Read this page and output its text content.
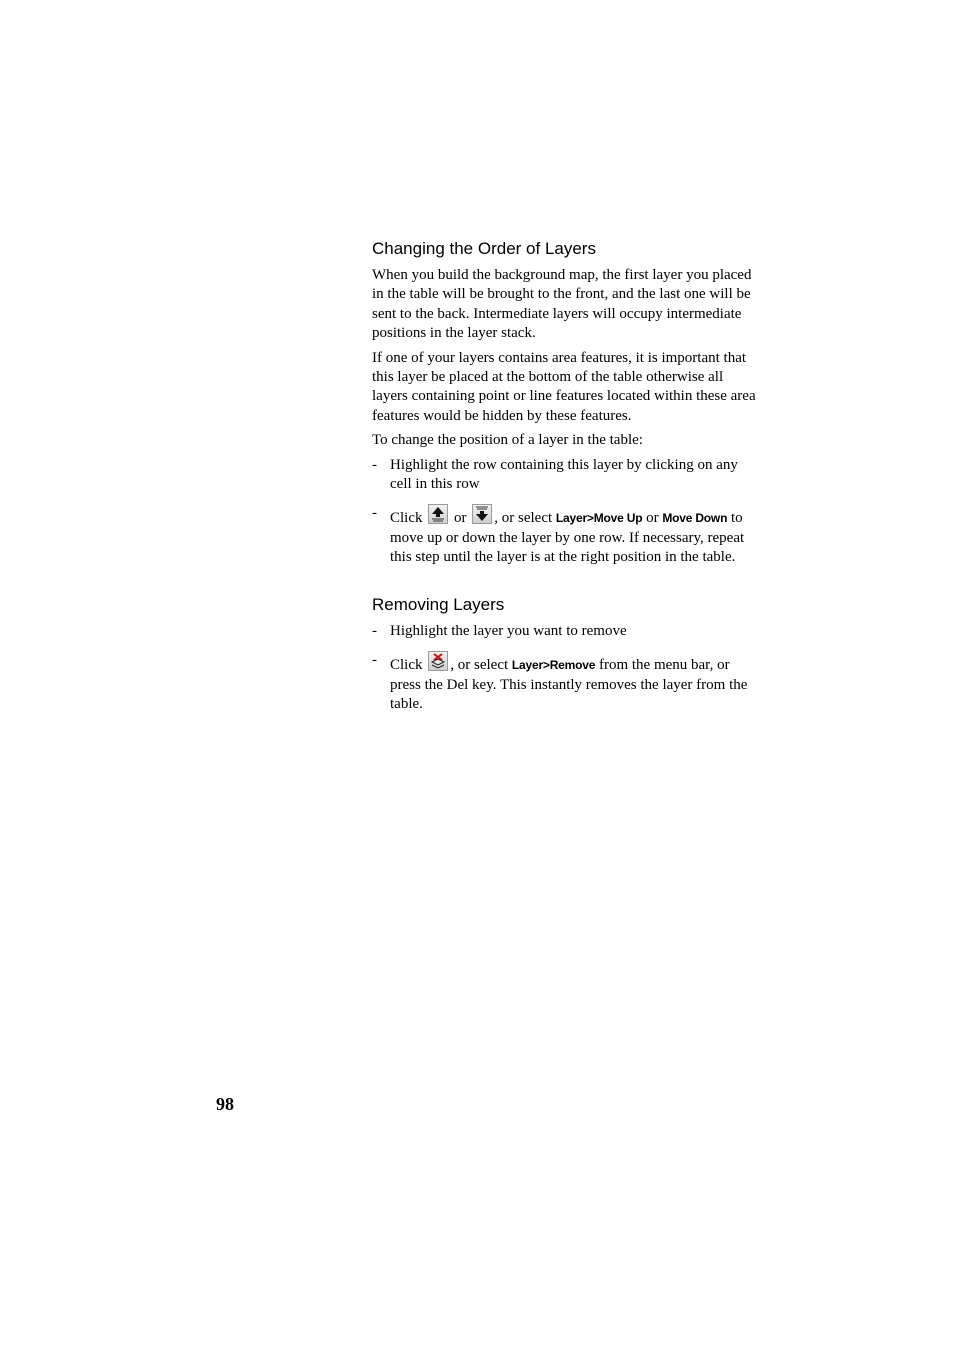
Changing the Order of Layers

When you build the background map, the first layer you placed in the table will be brought to the front, and the last one will be sent to the back. Intermediate layers will occupy intermediate positions in the layer stack.

If one of your layers contains area features, it is important that this layer be placed at the bottom of the table otherwise all layers containing point or line features located within these area features would be hidden by these features.

To change the position of a layer in the table:

- Highlight the row containing this layer by clicking on any cell in this row
- Click or , or select Layer>Move Up or Move Down to move up or down the layer by one row. If necessary, repeat this step until the layer is at the right position in the table.
Removing Layers
- Highlight the layer you want to remove
- Click , or select Layer>Remove from the menu bar, or press the Del key. This instantly removes the layer from the table.
98
